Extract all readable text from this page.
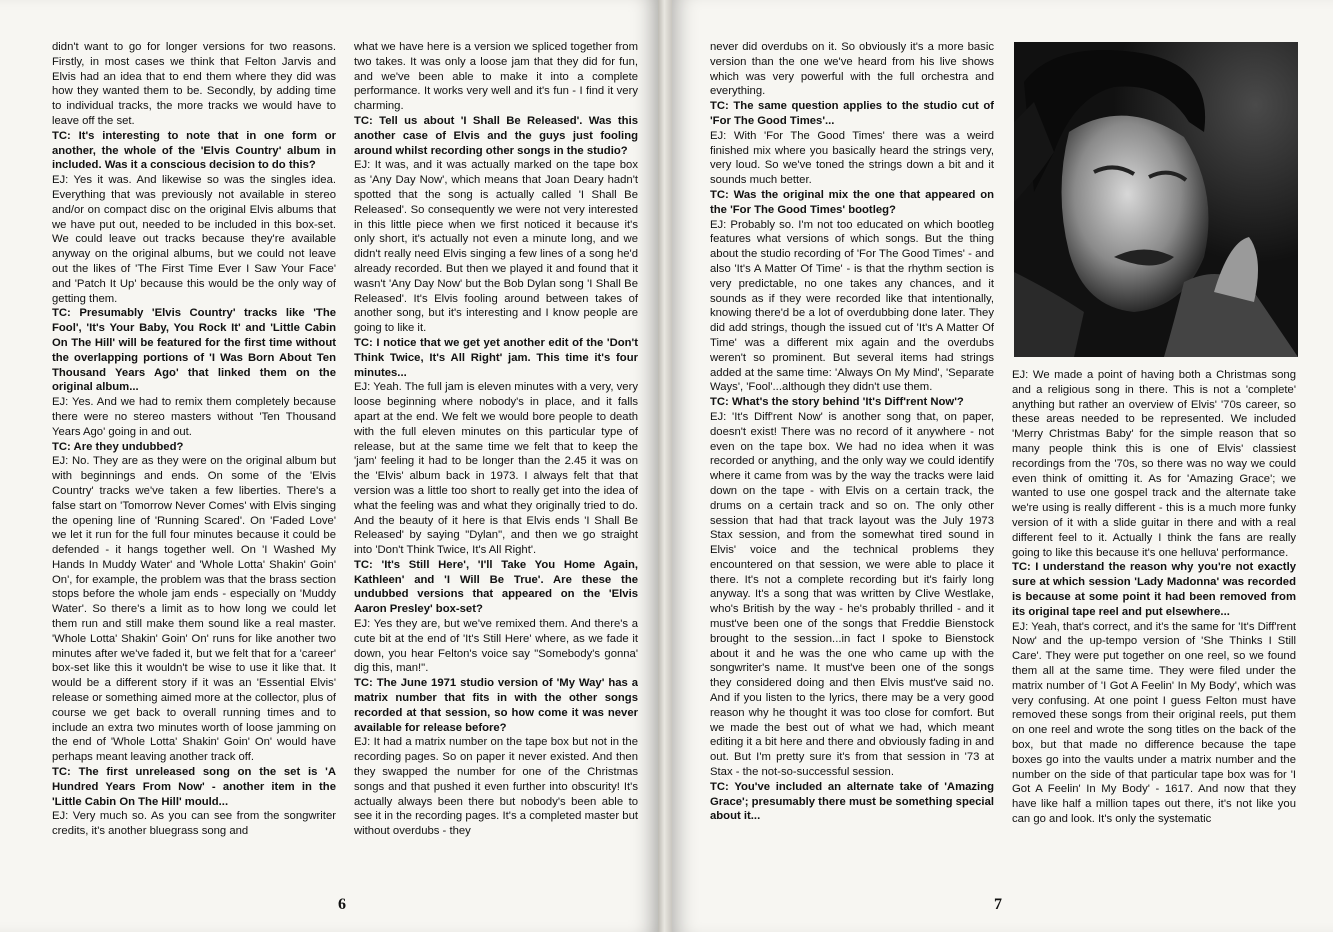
didn't want to go for longer versions for two reasons. Firstly, in most cases we think that Felton Jarvis and Elvis had an idea that to end them where they did was how they wanted them to be. Secondly, by adding time to individual tracks, the more tracks we would have to leave off the set.

TC: It's interesting to note that in one form or another, the whole of the 'Elvis Country' album in included. Was it a conscious decision to do this?

EJ: Yes it was. And likewise so was the singles idea. Everything that was previously not available in stereo and/or on compact disc on the original Elvis albums that we have put out, needed to be included in this box-set. We could leave out tracks because they're available anyway on the original albums, but we could not leave out the likes of 'The First Time Ever I Saw Your Face' and 'Patch It Up' because this would be the only way of getting them.

TC: Presumably 'Elvis Country' tracks like 'The Fool', 'It's Your Baby, You Rock It' and 'Little Cabin On The Hill' will be featured for the first time without the overlapping portions of 'I Was Born About Ten Thousand Years Ago' that linked them on the original album...

EJ: Yes. And we had to remix them completely because there were no stereo masters without 'Ten Thousand Years Ago' going in and out.

TC: Are they undubbed?

EJ: No. They are as they were on the original album but with beginnings and ends. On some of the 'Elvis Country' tracks we've taken a few liberties. There's a false start on 'Tomorrow Never Comes' with Elvis singing the opening line of 'Running Scared'. On 'Faded Love' we let it run for the full four minutes because it could be defended - it hangs together well. On 'I Washed My Hands In Muddy Water' and 'Whole Lotta' Shakin' Goin' On', for example, the problem was that the brass section stops before the whole jam ends - especially on 'Muddy Water'. So there's a limit as to how long we could let them run and still make them sound like a real master. 'Whole Lotta' Shakin' Goin' On' runs for like another two minutes after we've faded it, but we felt that for a 'career' box-set like this it wouldn't be wise to use it like that. It would be a different story if it was an 'Essential Elvis' release or something aimed more at the collector, plus of course we get back to overall running times and to include an extra two minutes worth of loose jamming on the end of 'Whole Lotta' Shakin' Goin' On' would have perhaps meant leaving another track off.

TC: The first unreleased song on the set is 'A Hundred Years From Now' - another item in the 'Little Cabin On The Hill' mould...

EJ: Very much so. As you can see from the songwriter credits, it's another bluegrass song and

what we have here is a version we spliced together from two takes. It was only a loose jam that they did for fun, and we've been able to make it into a complete performance. It works very well and it's fun - I find it very charming.

TC: Tell us about 'I Shall Be Released'. Was this another case of Elvis and the guys just fooling around whilst recording other songs in the studio?

EJ: It was, and it was actually marked on the tape box as 'Any Day Now', which means that Joan Deary hadn't spotted that the song is actually called 'I Shall Be Released'. So consequently we were not very interested in this little piece when we first noticed it because it's only short, it's actually not even a minute long, and we didn't really need Elvis singing a few lines of a song he'd already recorded. But then we played it and found that it wasn't 'Any Day Now' but the Bob Dylan song 'I Shall Be Released'. It's Elvis fooling around between takes of another song, but it's interesting and I know people are going to like it.

TC: I notice that we get yet another edit of the 'Don't Think Twice, It's All Right' jam. This time it's four minutes...

EJ: Yeah. The full jam is eleven minutes with a very, very loose beginning where nobody's in place, and it falls apart at the end. We felt we would bore people to death with the full eleven minutes on this particular type of release, but at the same time we felt that to keep the 'jam' feeling it had to be longer than the 2.45 it was on the 'Elvis' album back in 1973. I always felt that that version was a little too short to really get into the idea of what the feeling was and what they originally tried to do. And the beauty of it here is that Elvis ends 'I Shall Be Released' by saying "Dylan", and then we go straight into 'Don't Think Twice, It's All Right'.

TC: 'It's Still Here', 'I'll Take You Home Again, Kathleen' and 'I Will Be True'. Are these the undubbed versions that appeared on the 'Elvis Aaron Presley' box-set?

EJ: Yes they are, but we've remixed them. And there's a cute bit at the end of 'It's Still Here' where, as we fade it down, you hear Felton's voice say "Somebody's gonna' dig this, man!".

TC: The June 1971 studio version of 'My Way' has a matrix number that fits in with the other songs recorded at that session, so how come it was never available for release before?

EJ: It had a matrix number on the tape box but not in the recording pages. So on paper it never existed. And then they swapped the number for one of the Christmas songs and that pushed it even further into obscurity! It's actually always been there but nobody's been able to see it in the recording pages. It's a completed master but without overdubs - they

6

never did overdubs on it. So obviously it's a more basic version than the one we've heard from his live shows which was very powerful with the full orchestra and everything.

TC: The same question applies to the studio cut of 'For The Good Times'...

EJ: With 'For The Good Times' there was a weird finished mix where you basically heard the strings very, very loud. So we've toned the strings down a bit and it sounds much better.

TC: Was the original mix the one that appeared on the 'For The Good Times' bootleg?

EJ: Probably so. I'm not too educated on which bootleg features what versions of which songs. But the thing about the studio recording of 'For The Good Times' - and also 'It's A Matter Of Time' - is that the rhythm section is very predictable, no one takes any chances, and it sounds as if they were recorded like that intentionally, knowing there'd be a lot of overdubbing done later. They did add strings, though the issued cut of 'It's A Matter Of Time' was a different mix again and the overdubs weren't so prominent. But several items had strings added at the same time: 'Always On My Mind', 'Separate Ways', 'Fool'...although they didn't use them.

TC: What's the story behind 'It's Diff'rent Now'?

EJ: 'It's Diff'rent Now' is another song that, on paper, doesn't exist! There was no record of it anywhere - not even on the tape box. We had no idea when it was recorded or anything, and the only way we could identify where it came from was by the way the tracks were laid down on the tape - with Elvis on a certain track, the drums on a certain track and so on. The only other session that had that track layout was the July 1973 Stax session, and from the somewhat tired sound in Elvis' voice and the technical problems they encountered on that session, we were able to place it there. It's not a complete recording but it's fairly long anyway. It's a song that was written by Clive Westlake, who's British by the way - he's probably thrilled - and it must've been one of the songs that Freddie Bienstock brought to the session...in fact I spoke to Bienstock about it and he was the one who came up with the songwriter's name. It must've been one of the songs they considered doing and then Elvis must've said no. And if you listen to the lyrics, there may be a very good reason why he thought it was too close for comfort. But we made the best out of what we had, which meant editing it a bit here and there and obviously fading in and out. But I'm pretty sure it's from that session in '73 at Stax - the not-so-successful session.

TC: You've included an alternate take of 'Amazing Grace'; presumably there must be something special about it...

EJ: We made a point of having both a Christmas song and a religious song in there. This is not a 'complete' anything but rather an overview of Elvis' '70s career, so these areas needed to be represented. We included 'Merry Christmas Baby' for the simple reason that so many people think this is one of Elvis' classiest recordings from the '70s, so there was no way we could even think of omitting it. As for 'Amazing Grace'; we wanted to use one gospel track and the alternate take we're using is really different - this is a much more funky version of it with a slide guitar in there and with a real different feel to it. Actually I think the fans are really going to like this because it's one helluva' performance.

TC: I understand the reason why you're not exactly sure at which session 'Lady Madonna' was recorded is because at some point it had been removed from its original tape reel and put elsewhere...

EJ: Yeah, that's correct, and it's the same for 'It's Diff'rent Now' and the up-tempo version of 'She Thinks I Still Care'. They were put together on one reel, so we found them all at the same time. They were filed under the matrix number of 'I Got A Feelin' In My Body', which was very confusing. At one point I guess Felton must have removed these songs from their original reels, put them on one reel and wrote the song titles on the back of the box, but that made no difference because the tape boxes go into the vaults under a matrix number and the number on the side of that particular tape box was for 'I Got A Feelin' In My Body' - 1617. And now that they have like half a million tapes out there, it's not like you can go and look. It's only the systematic

7
